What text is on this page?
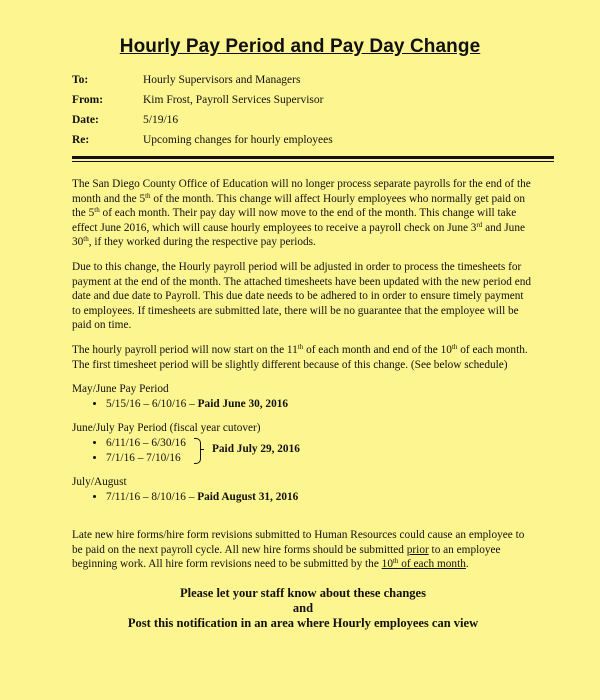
Hourly Pay Period and Pay Day Change
To:	Hourly Supervisors and Managers
From:	Kim Frost, Payroll Services Supervisor
Date:	5/19/16
Re:	Upcoming changes for hourly employees

The San Diego County Office of Education will no longer process separate payrolls for the end of the month and the 5th of the month. This change will affect Hourly employees who normally get paid on the 5th of each month. Their pay day will now move to the end of the month. This change will take effect June 2016, which will cause hourly employees to receive a payroll check on June 3rd and June 30th, if they worked during the respective pay periods.

Due to this change, the Hourly payroll period will be adjusted in order to process the timesheets for payment at the end of the month. The attached timesheets have been updated with the new period end date and due date to Payroll. This due date needs to be adhered to in order to ensure timely payment to employees. If timesheets are submitted late, there will be no guarantee that the employee will be paid on time.

The hourly payroll period will now start on the 11th of each month and end of the 10th of each month. The first timesheet period will be slightly different because of this change. (See below schedule)

May/June Pay Period
• 5/15/16 – 6/10/16 – Paid June 30, 2016
June/July Pay Period (fiscal year cutover)
• 6/11/16 – 6/30/16
• 7/1/16 – 7/10/16
Paid July 29, 2016
July/August
• 7/11/16 – 8/10/16 – Paid August 31, 2016

Late new hire forms/hire form revisions submitted to Human Resources could cause an employee to be paid on the next payroll cycle. All new hire forms should be submitted prior to an employee beginning work. All hire form revisions need to be submitted by the 10th of each month.

Please let your staff know about these changes
and
Post this notification in an area where Hourly employees can view
